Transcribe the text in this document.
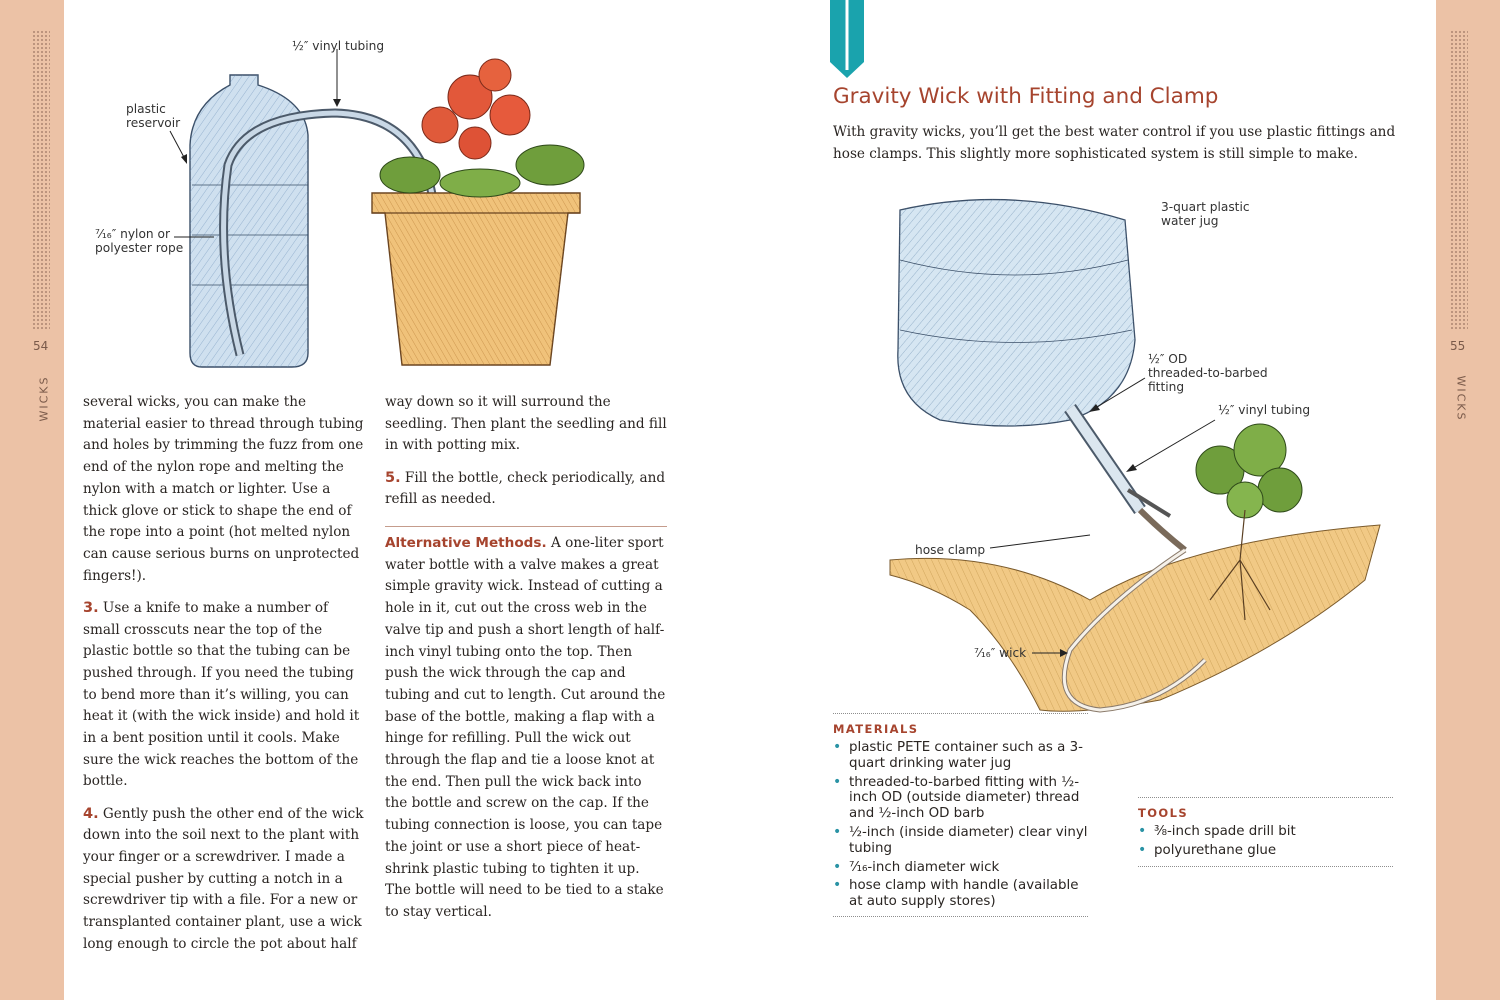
54	55
WICKS	WICKS
½″ vinyl tubing
plastic
reservoir
⁷⁄₁₆″ nylon or
polyester rope

several wicks, you can make the material easier to thread through tubing and holes by trimming the fuzz from one end of the nylon rope and melting the nylon with a match or lighter. Use a thick glove or stick to shape the end of the rope into a point (hot melted nylon can cause serious burns on unprotected fingers!).

3. Use a knife to make a number of small crosscuts near the top of the plastic bottle so that the tubing can be pushed through. If you need the tubing to bend more than it’s willing, you can heat it (with the wick inside) and hold it in a bent position until it cools. Make sure the wick reaches the bottom of the bottle.

4. Gently push the other end of the wick down into the soil next to the plant with your finger or a screwdriver. I made a special pusher by cutting a notch in a screwdriver tip with a file. For a new or transplanted container plant, use a wick long enough to circle the pot about half

way down so it will surround the seedling. Then plant the seedling and fill in with potting mix.

5. Fill the bottle, check periodically, and refill as needed.

Alternative Methods. A one-liter sport water bottle with a valve makes a great simple gravity wick. Instead of cutting a hole in it, cut out the cross web in the valve tip and push a short length of half-inch vinyl tubing onto the top. Then push the wick through the cap and tubing and cut to length. Cut around the base of the bottle, making a flap with a hinge for refilling. Pull the wick out through the flap and tie a loose knot at the end. Then pull the wick back into the bottle and screw on the cap. If the tubing connection is loose, you can tape the joint or use a short piece of heat-shrink plastic tubing to tighten it up. The bottle will need to be tied to a stake to stay vertical.

Gravity Wick with Fitting and Clamp
With gravity wicks, you’ll get the best water control if you use plastic fittings and hose clamps. This slightly more sophisticated system is still simple to make.
3-quart plastic
water jug
½″ OD
threaded-to-barbed
fitting
½″ vinyl tubing
hose clamp
⁷⁄₁₆″ wick
MATERIALS
• plastic PETE container such as a 3-quart drinking water jug
• threaded-to-barbed fitting with ½-inch OD (outside diameter) thread and ½-inch OD barb
• ½-inch (inside diameter) clear vinyl tubing
• ⁷⁄₁₆-inch diameter wick
• hose clamp with handle (available at auto supply stores)
TOOLS
• ⅜-inch spade drill bit
• polyurethane glue
